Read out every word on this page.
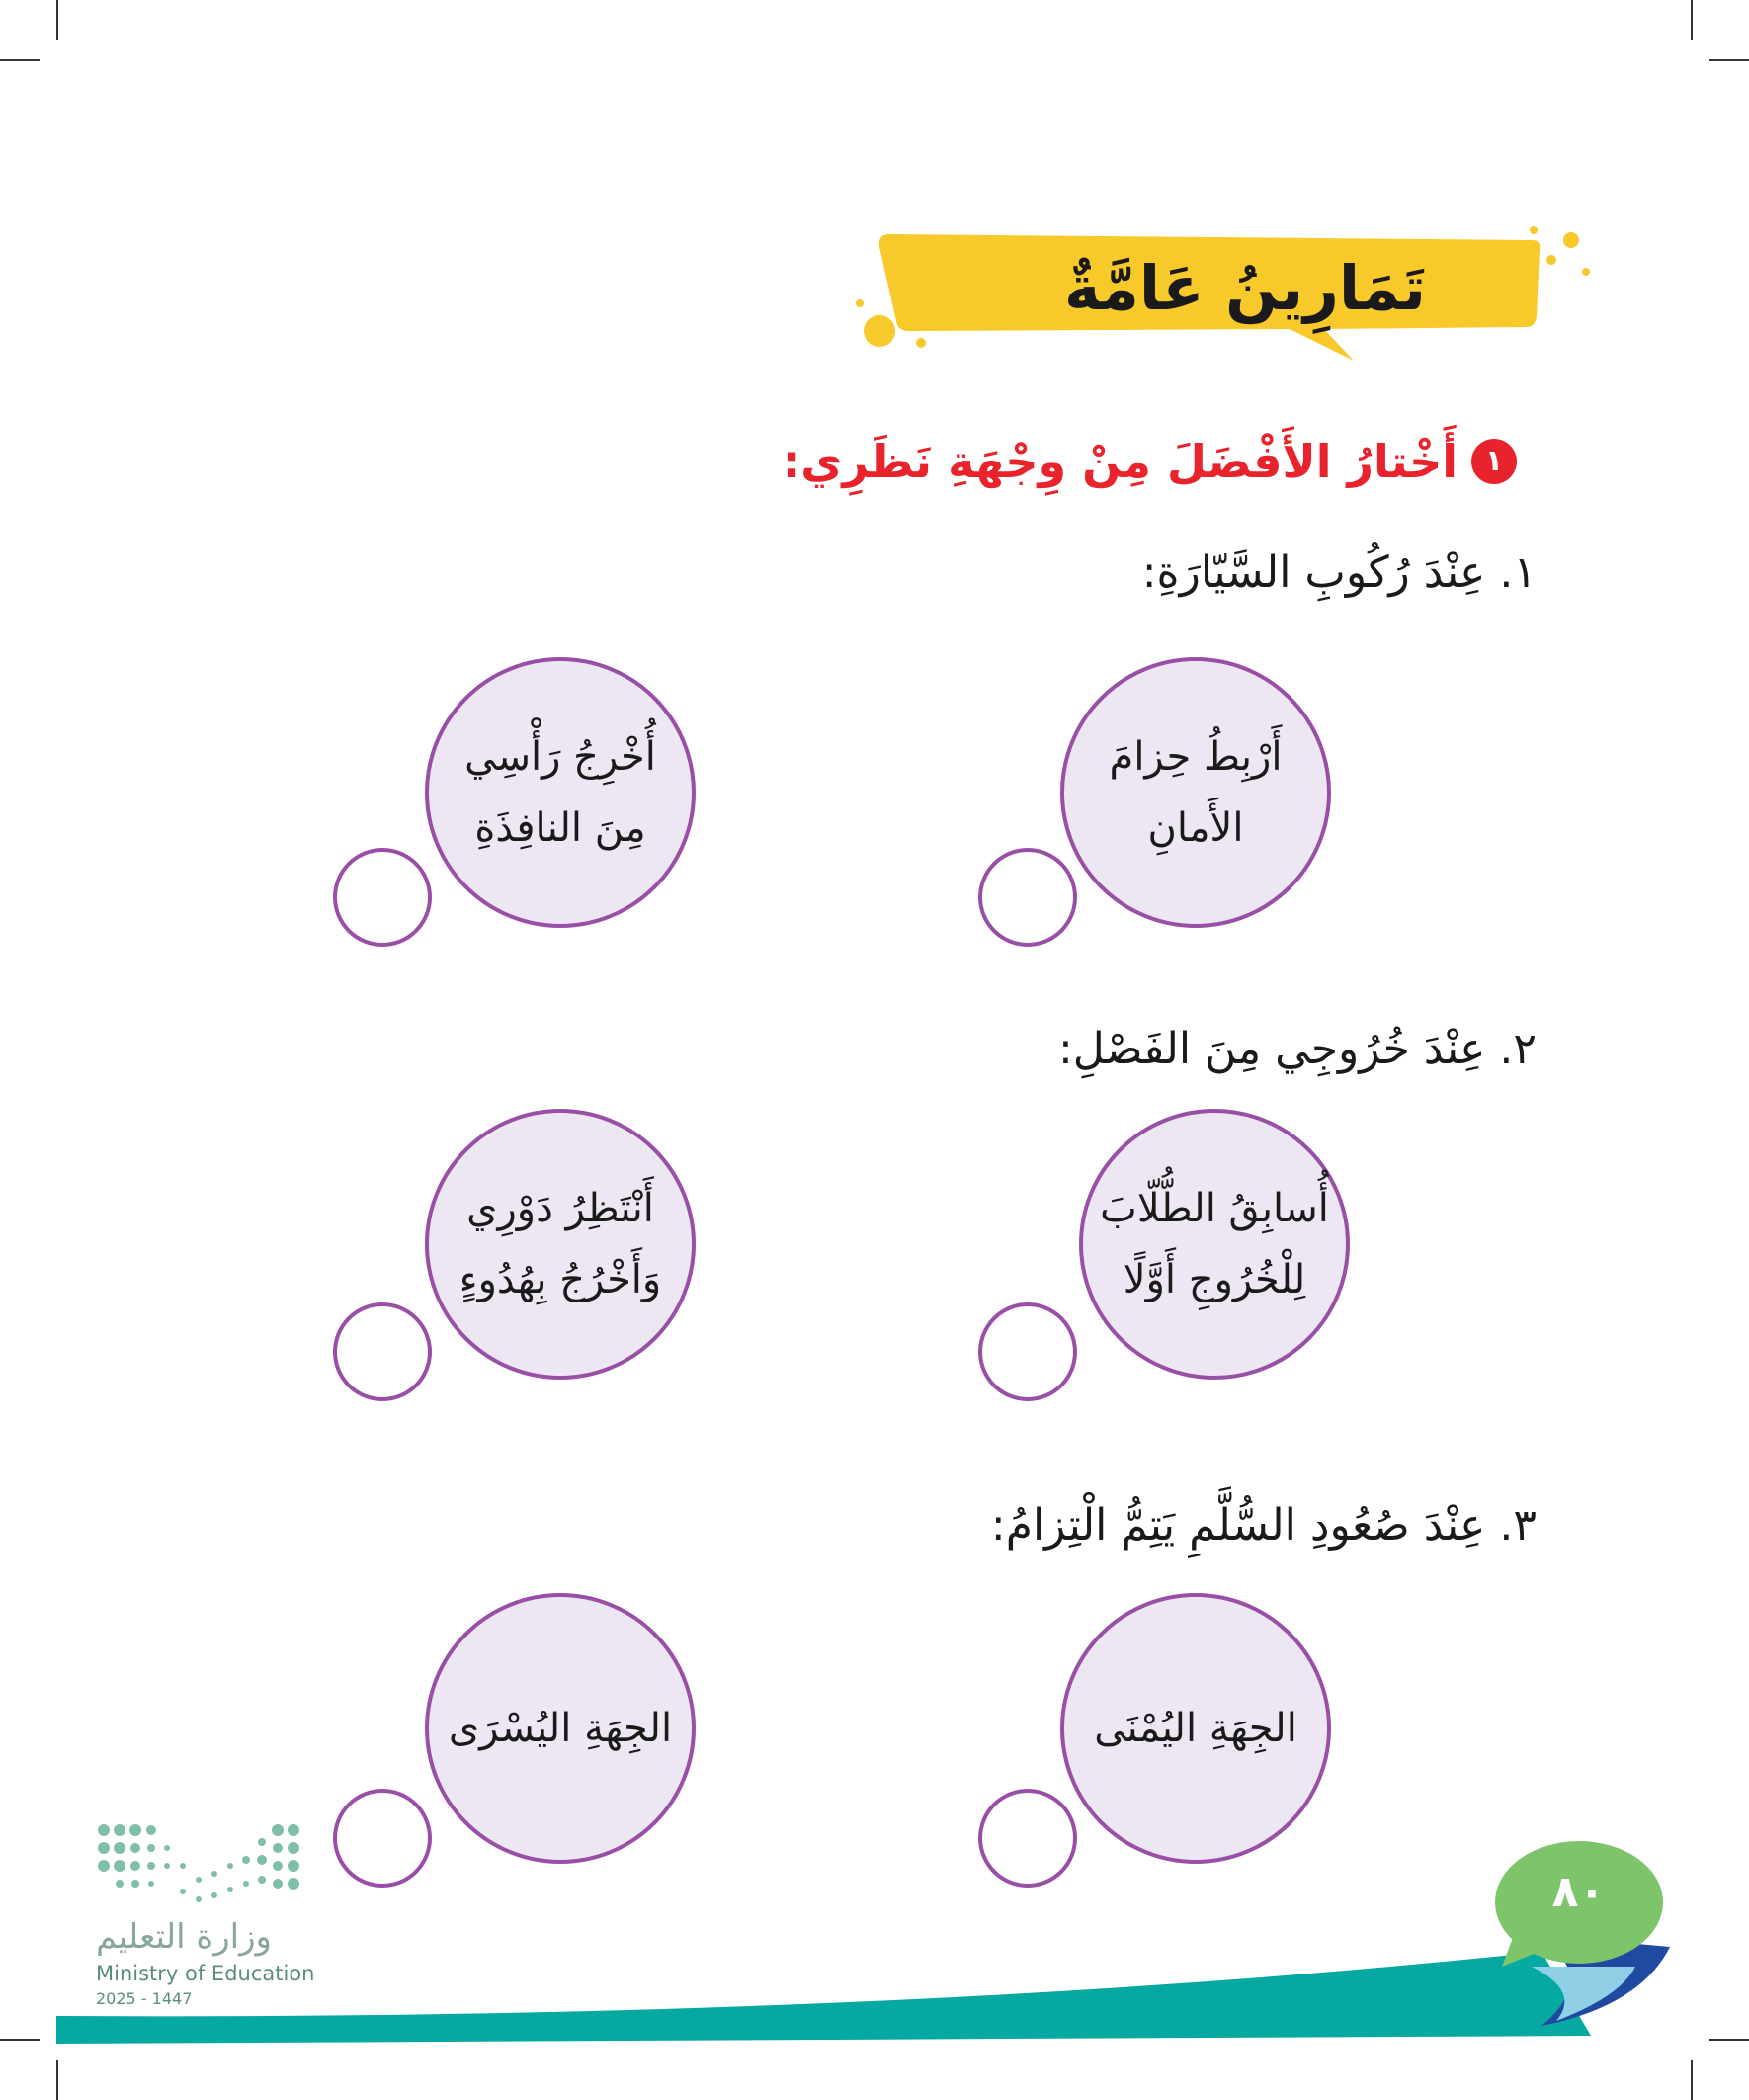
تَمَارِينُ عَامَّةٌ
١
أَخْتارُ الأَفْضَلَ مِنْ وِجْهَةِ نَظَرِي:
١. عِنْدَ رُكُوبِ السَّيّارَةِ:
أَرْبِطُ حِزامَ
الأَمانِ
أُخْرِجُ رَأْسِي
مِنَ النافِذَةِ
٢. عِنْدَ خُرُوجِي مِنَ الفَصْلِ:
أُسابِقُ الطُّلّابَ
لِلْخُرُوجِ أَوَّلًا
أَنْتَظِرُ دَوْرِي
وَأَخْرُجُ بِهُدُوءٍ
٣. عِنْدَ صُعُودِ السُّلَّمِ يَتِمُّ الْتِزامُ:
الجِهَةِ اليُمْنَى
الجِهَةِ اليُسْرَى
وزارة التعليم
Ministry of Education
2025 - 1447
٨٠
